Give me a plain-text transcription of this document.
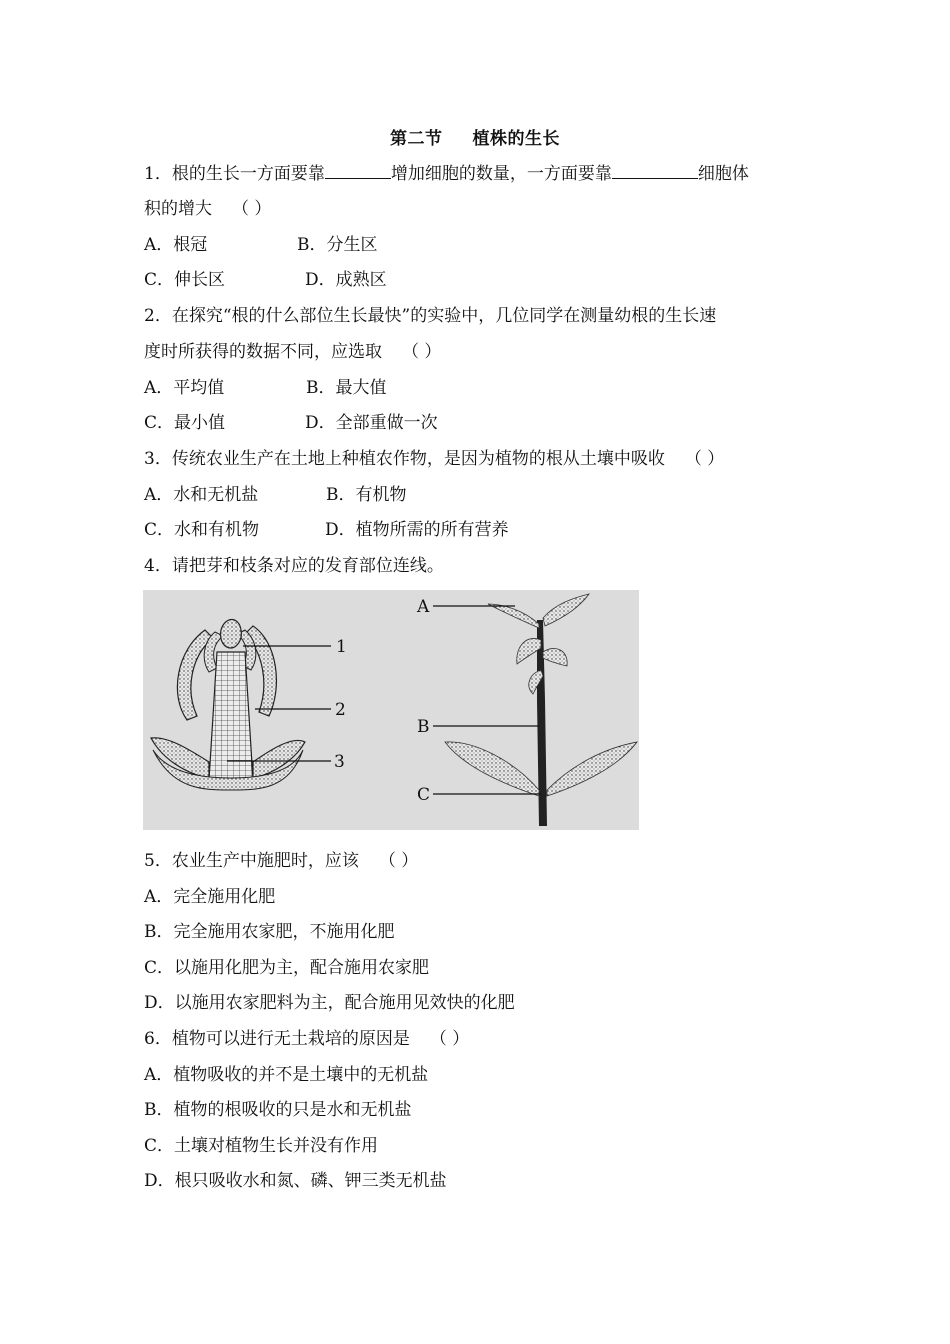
第二节 植株的生长
1．根的生长一方面要靠	增加细胞的数量，一方面要靠	细胞体
积的增大 （ ）
A．根冠	B．分生区
C．伸长区	D．成熟区
2．在探究“根的什么部位生长最快”的实验中，几位同学在测量幼根的生长速
度时所获得的数据不同，应选取 （ ）
A．平均值	B．最大值
C．最小值	D．全部重做一次
3．传统农业生产在土地上种植农作物，是因为植物的根从土壤中吸收 （ ）
A．水和无机盐	B．有机物
C．水和有机物	D．植物所需的所有营养
4．请把芽和枝条对应的发育部位连线。
1
2
3
A
B
C
5．农业生产中施肥时，应该 （ ）
A．完全施用化肥
B．完全施用农家肥，不施用化肥
C．以施用化肥为主，配合施用农家肥
D．以施用农家肥料为主，配合施用见效快的化肥
6．植物可以进行无土栽培的原因是 （ ）
A．植物吸收的并不是土壤中的无机盐
B．植物的根吸收的只是水和无机盐
C．土壤对植物生长并没有作用
D．根只吸收水和氮、磷、钾三类无机盐
